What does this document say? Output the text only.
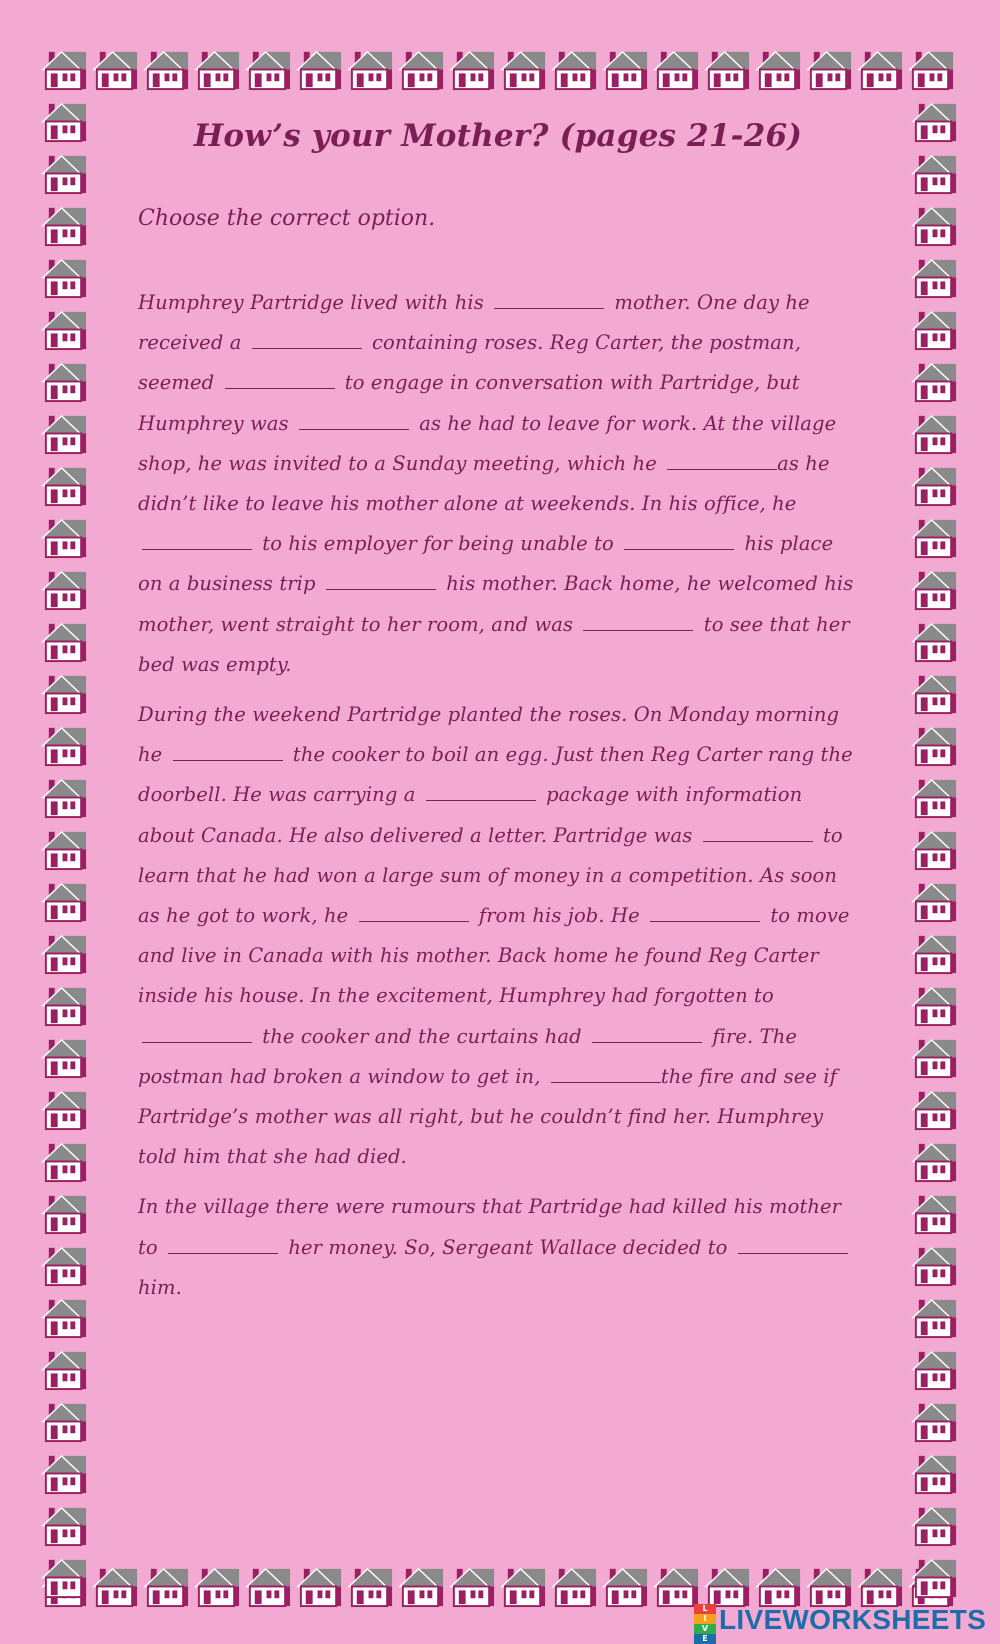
How’s your Mother? (pages 21-26)

Choose the correct option.

Humphrey Partridge lived with his	mother. One day he received a	containing roses. Reg Carter, the postman, seemed	to engage in conversation with Partridge, but Humphrey was	as he had to leave for work. At the village shop, he was invited to a Sunday meeting, which he	as he didn’t like to leave his mother alone at weekends. In his office, he  to his employer for being unable to	his place on a business trip	his mother. Back home, he welcomed his mother, went straight to her room, and was	to see that her bed was empty.

During the weekend Partridge planted the roses. On Monday morning he	the cooker to boil an egg. Just then Reg Carter rang the doorbell. He was carrying a	package with information about Canada. He also delivered a letter. Partridge was	to learn that he had won a large sum of money in a competition. As soon as he got to work, he	from his job. He	to move and live in Canada with his mother. Back home he found Reg Carter inside his house. In the excitement, Humphrey had forgotten to  the cooker and the curtains had	fire. The postman had broken a window to get in,	the fire and see if Partridge’s mother was all right, but he couldn’t find her. Humphrey told him that she had died.

In the village there were rumours that Partridge had killed his mother to	her money. So, Sergeant Wallace decided to  him.

L
I
V
E
LIVEWORKSHEETS
